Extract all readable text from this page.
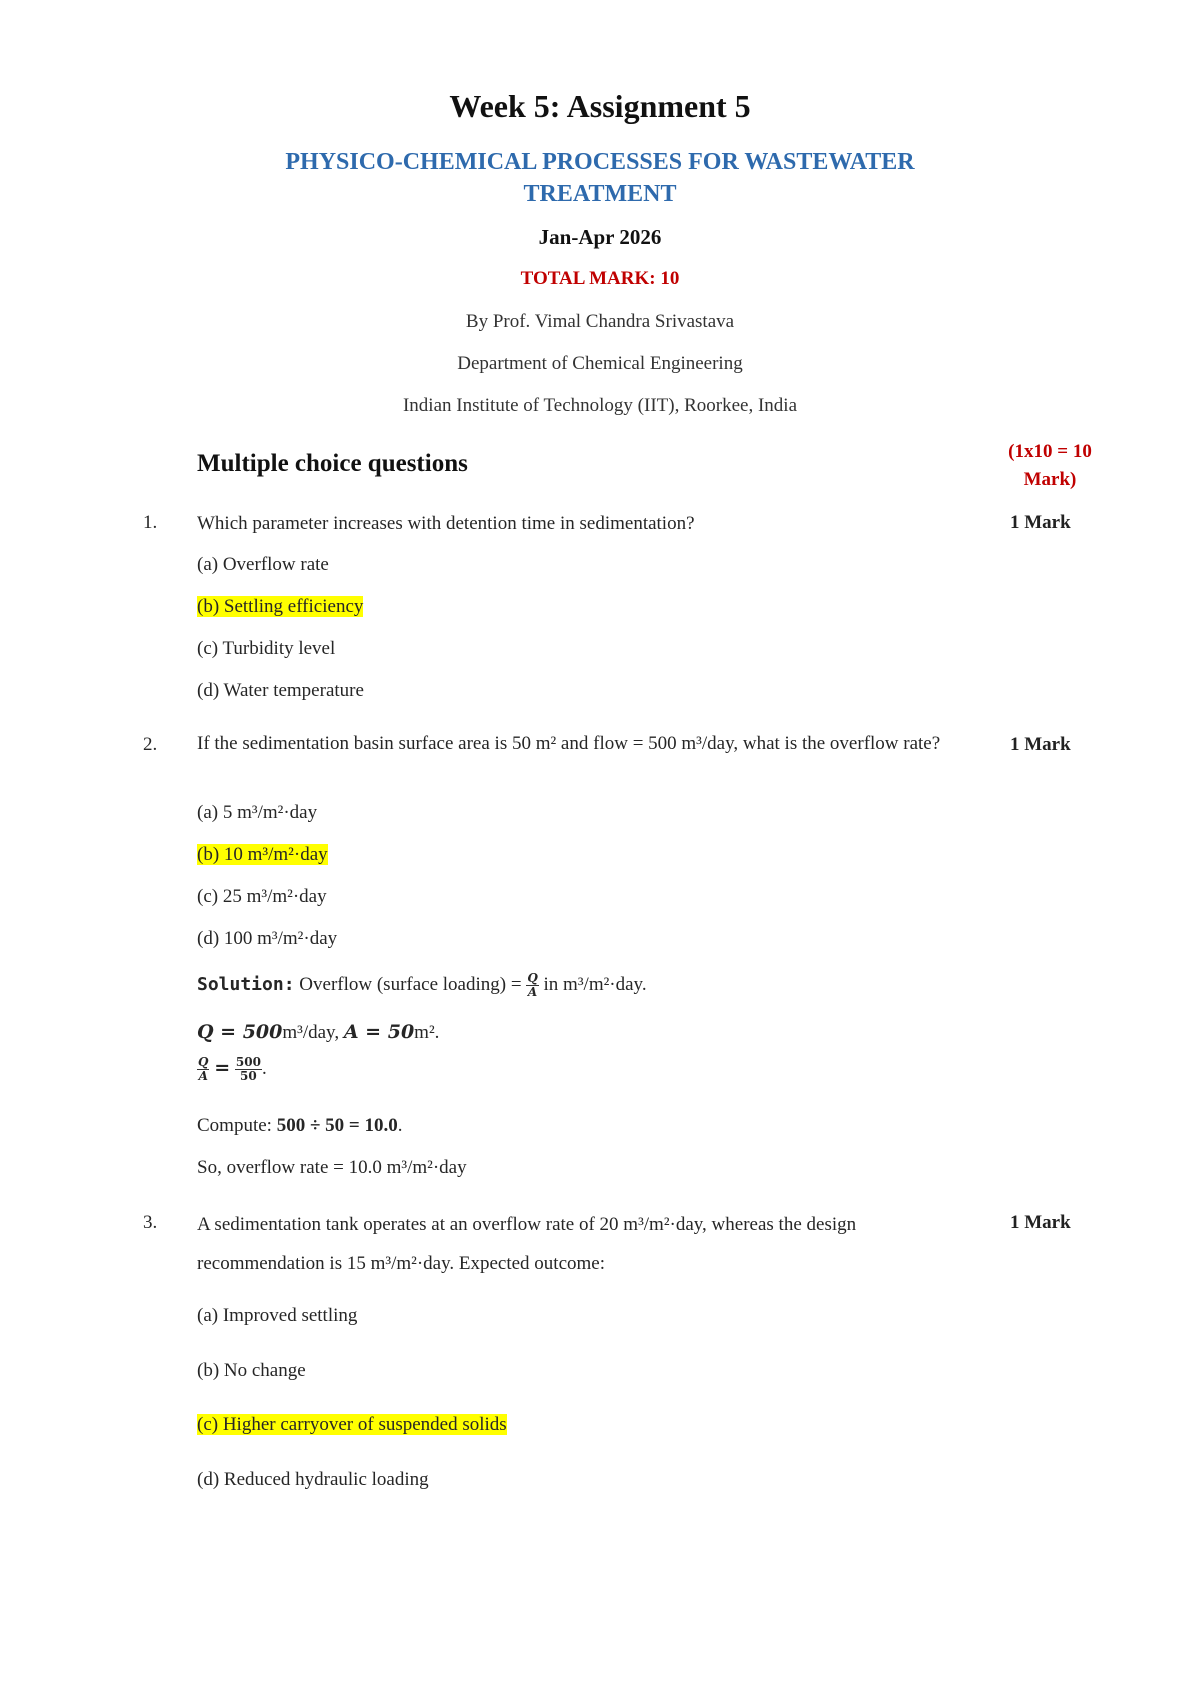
Week 5: Assignment 5
PHYSICO-CHEMICAL PROCESSES FOR WASTEWATER
TREATMENT
Jan-Apr 2026
TOTAL MARK: 10
By Prof. Vimal Chandra Srivastava
Department of Chemical Engineering
Indian Institute of Technology (IIT), Roorkee, India
Multiple choice questions	(1x10 = 10
Mark)
1. Which parameter increases with detention time in sedimentation?	1 Mark
(a) Overflow rate
(b) Settling efficiency
(c) Turbidity level
(d) Water temperature
2. If the sedimentation basin surface area is 50 m² and flow = 500 m³/day, what is the overflow rate?	1 Mark
(a) 5 m³/m²·day
(b) 10 m³/m²·day
(c) 25 m³/m²·day
(d) 100 m³/m²·day
Solution: Overflow (surface loading) = $\frac{Q}{A}$ in m³/m²·day.
Q = 500m³/day, A = 50m².
$\frac{Q}{A} = \frac{500}{50}$ .
Compute: 500 ÷ 50 = 10.0.
So, overflow rate = 10.0 m³/m²·day
3. A sedimentation tank operates at an overflow rate of 20 m³/m²·day, whereas the design
recommendation is 15 m³/m²·day. Expected outcome:
1 Mark
(a) Improved settling
(b) No change
(c) Higher carryover of suspended solids
(d) Reduced hydraulic loading
